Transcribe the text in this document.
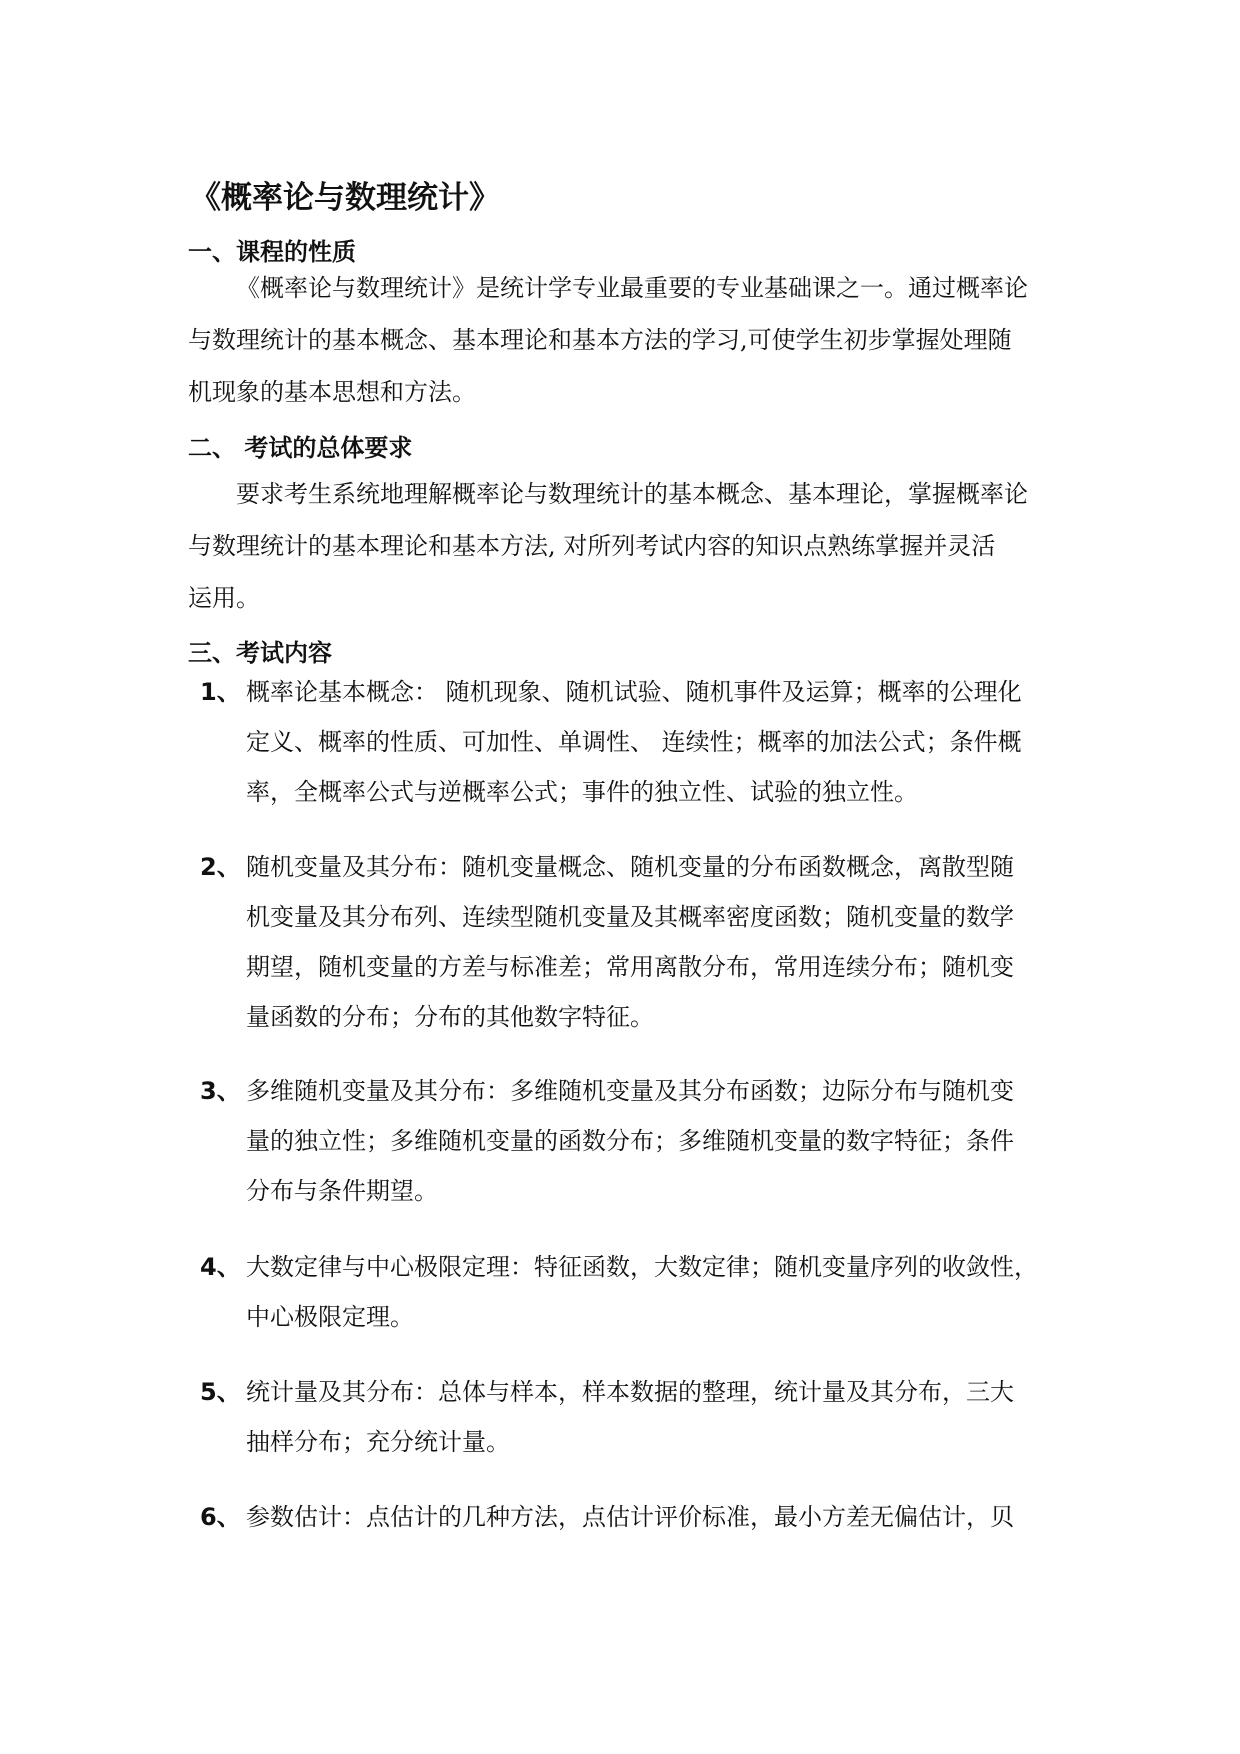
《概率论与数理统计》
一、课程的性质
《概率论与数理统计》是统计学专业最重要的专业基础课之一。通过概率论
与数理统计的基本概念、基本理论和基本方法的学习,可使学生初步掌握处理随
机现象的基本思想和方法。
二、 考试的总体要求
要求考生系统地理解概率论与数理统计的基本概念、基本理论，掌握概率论
与数理统计的基本理论和基本方法, 对所列考试内容的知识点熟练掌握并灵活
运用。
三、考试内容
1、 概率论基本概念： 随机现象、随机试验、随机事件及运算；概率的公理化
定义、概率的性质、可加性、单调性、 连续性；概率的加法公式；条件概
率，全概率公式与逆概率公式；事件的独立性、试验的独立性。
2、 随机变量及其分布：随机变量概念、随机变量的分布函数概念，离散型随
机变量及其分布列、连续型随机变量及其概率密度函数；随机变量的数学
期望，随机变量的方差与标准差；常用离散分布，常用连续分布；随机变
量函数的分布；分布的其他数字特征。
3、 多维随机变量及其分布：多维随机变量及其分布函数；边际分布与随机变
量的独立性；多维随机变量的函数分布；多维随机变量的数字特征；条件
分布与条件期望。
4、 大数定律与中心极限定理：特征函数，大数定律；随机变量序列的收敛性，
中心极限定理。
5、 统计量及其分布：总体与样本，样本数据的整理，统计量及其分布，三大
抽样分布；充分统计量。
6、 参数估计：点估计的几种方法，点估计评价标准，最小方差无偏估计，贝
